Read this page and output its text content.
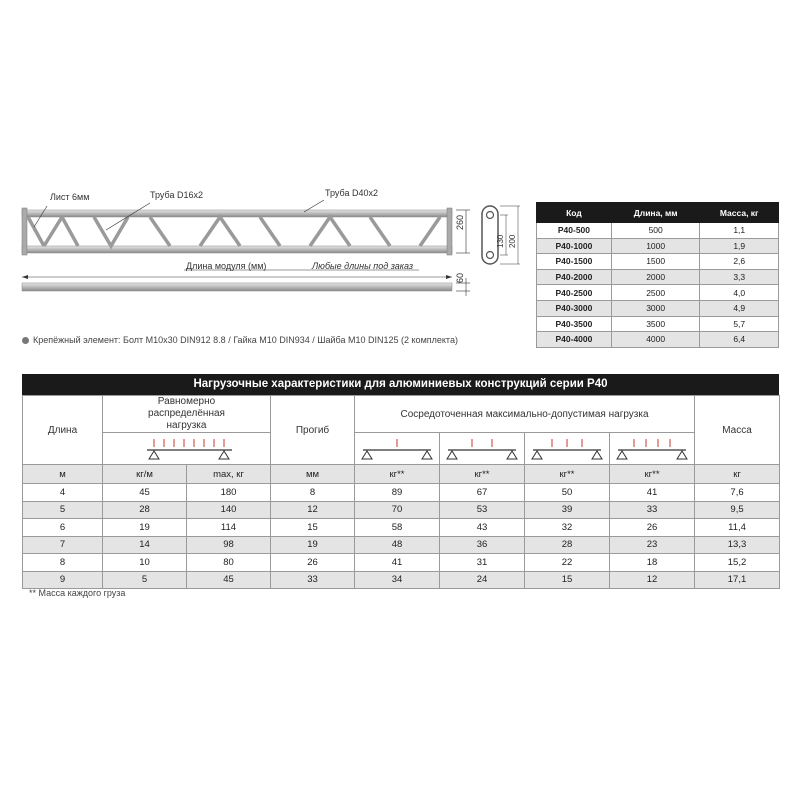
Лист 6мм	Труба D16x2	Труба D40x2
Длина модуля (мм)	Любые длины под заказ
260
60
130 200
Код	Длина, мм	Масса, кг
P40-500	500	1,1
P40-1000	1000	1,9
P40-1500	1500	2,6
P40-2000	2000	3,3
P40-2500	2500	4,0
P40-3000	3000	4,9
P40-3500	3500	5,7
P40-4000	4000	6,4
Крепёжный элемент: Болт M10x30 DIN912 8.8 / Гайка M10 DIN934 / Шайба M10 DIN125 (2 комплекта)
Нагрузочные характеристики для алюминиевых конструкций серии P40
Длина	Равномерно распределённая нагрузка		Прогиб	Сосредоточенная максимально-допустимая нагрузка				Масса

м	кг/м	max, кг	мм	кг**	кг**	кг**	кг**	кг
4	45	180	8	89	67	50	41	7,6
5	28	140	12	70	53	39	33	9,5
6	19	114	15	58	43	32	26	11,4
7	14	98	19	48	36	28	23	13,3
8	10	80	26	41	31	22	18	15,2
9	5	45	33	34	24	15	12	17,1
** Масса каждого груза
